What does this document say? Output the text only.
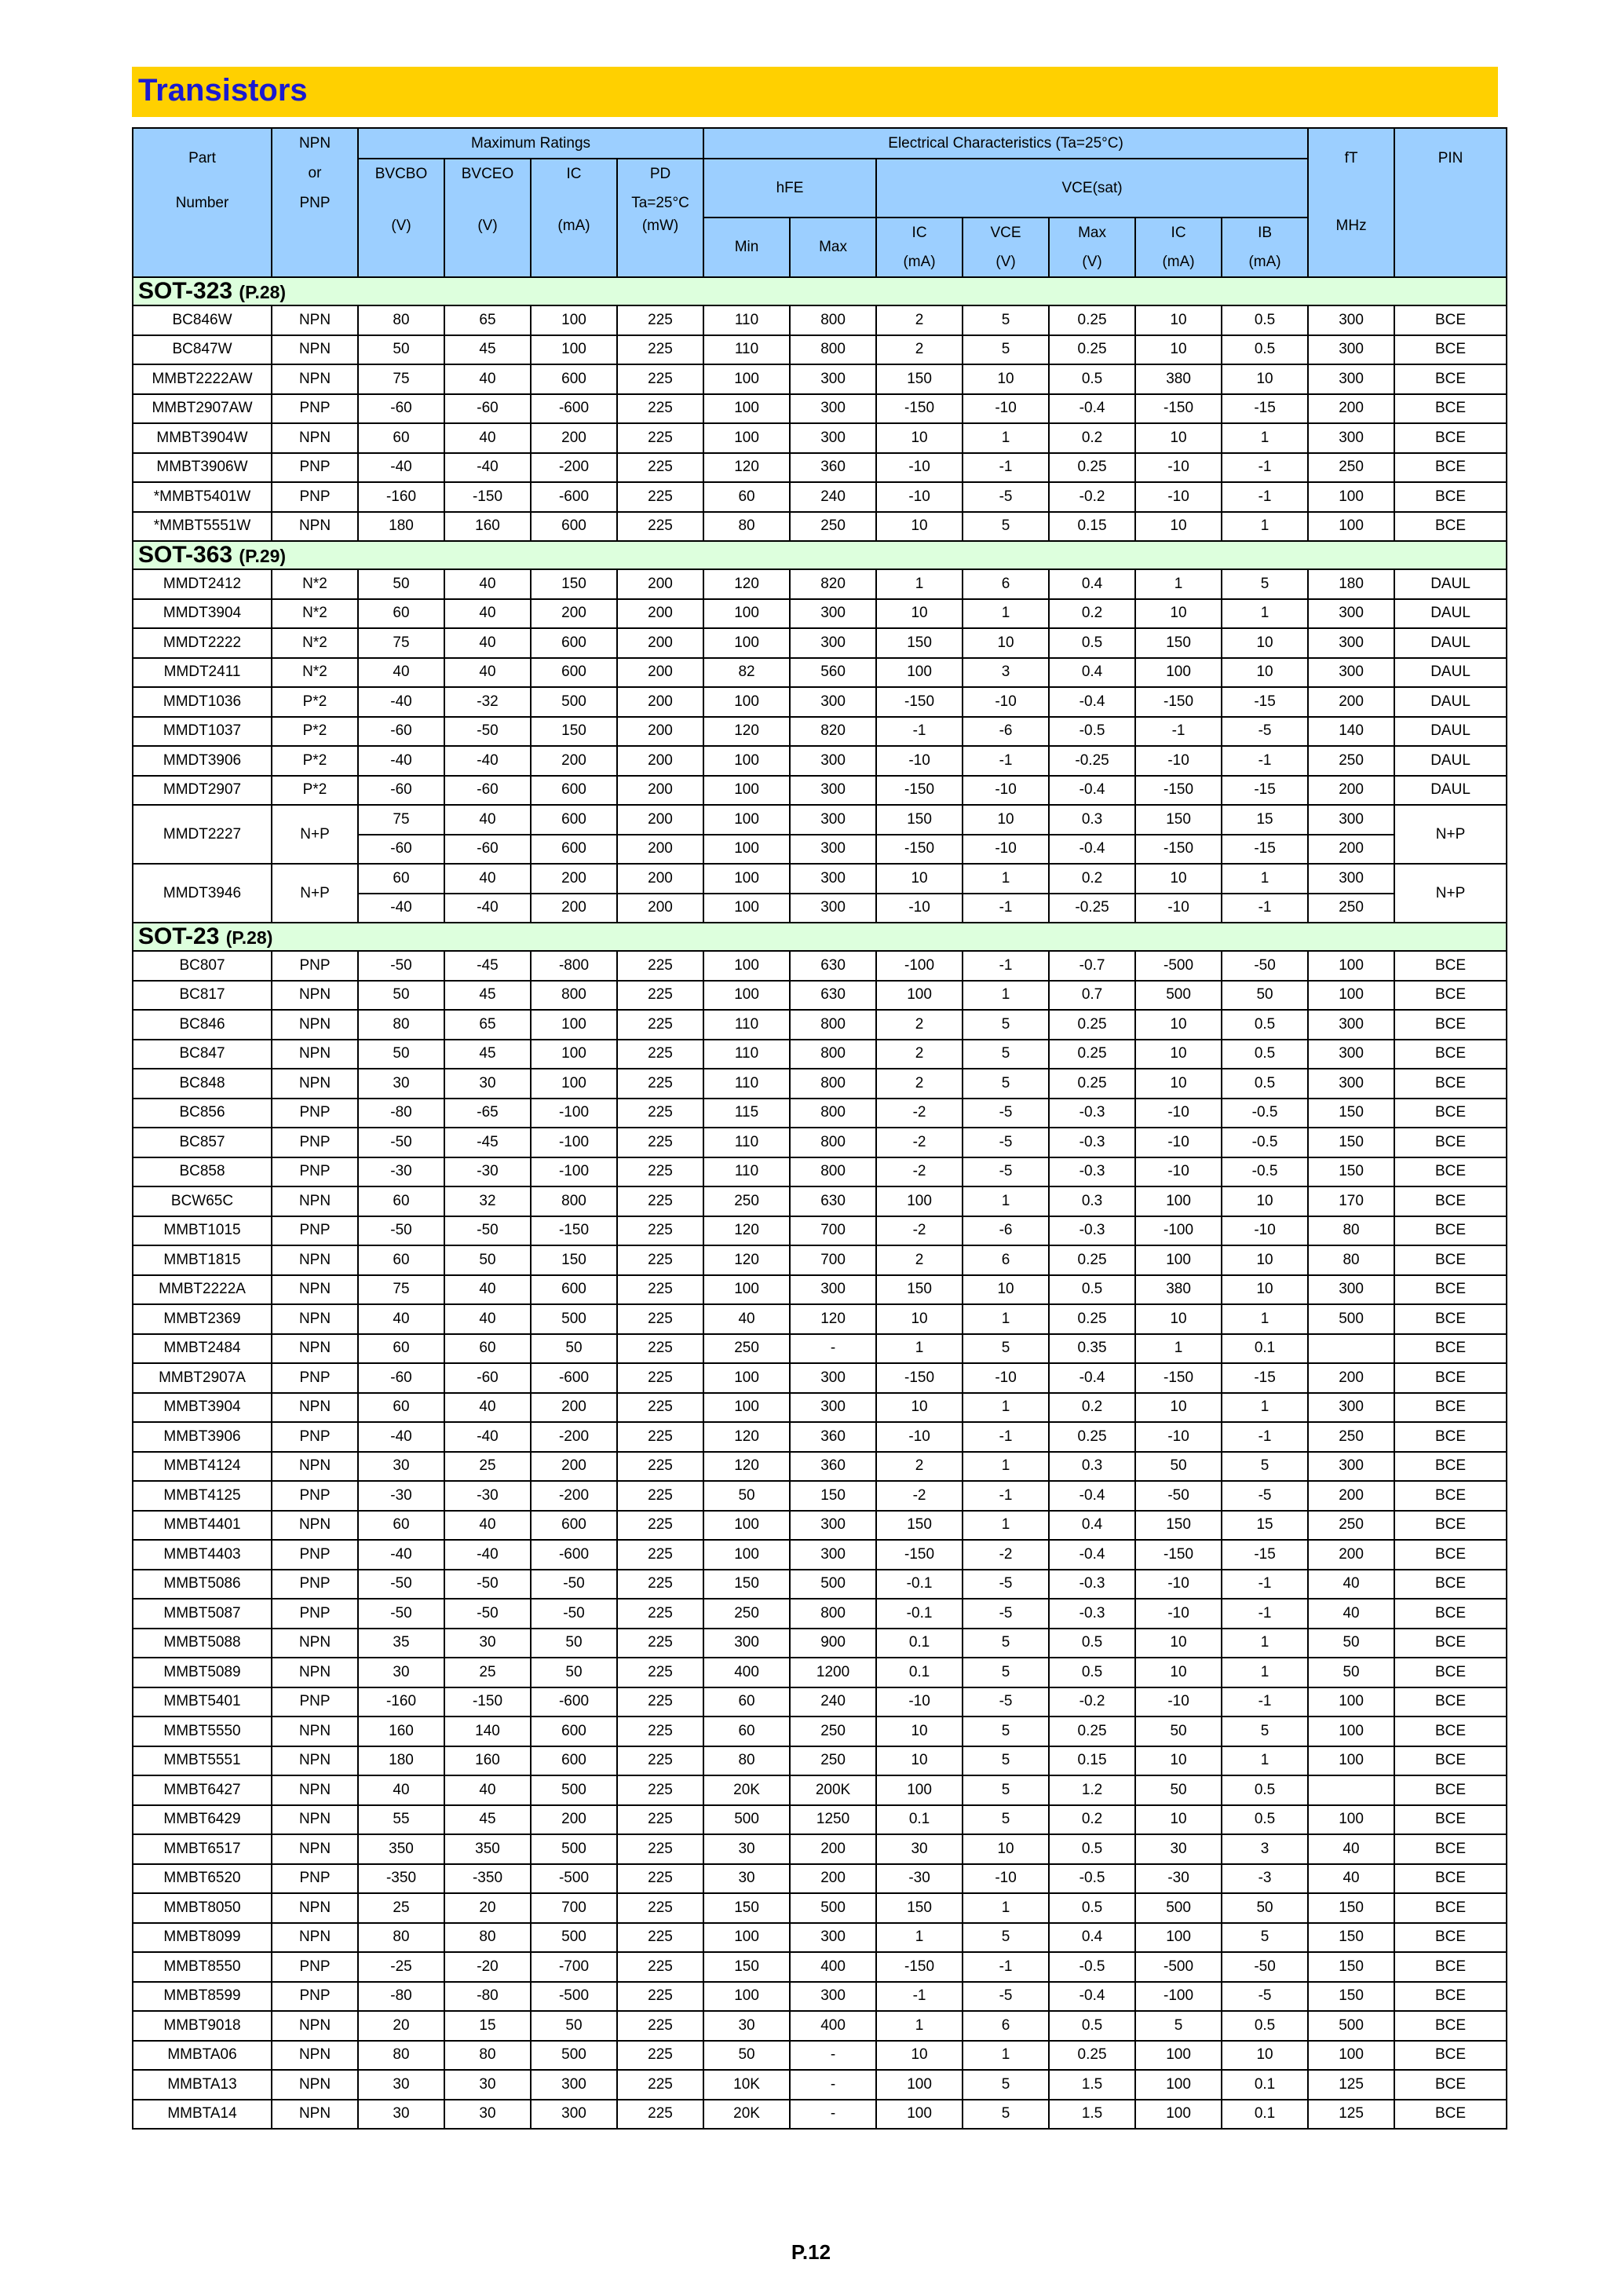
Transistors
Part	NPN	Maximum Ratings				Electrical Characteristics (Ta=25°C)							fT	PIN
	or	BVCBO	BVCEO	IC	PD	hFE		VCE(sat)						
Number	PNP				Ta=25°C									
		(V)	(V)	(mA)	(mW)	Min	Max	IC	VCE	Max	IC	IB	MHz	
								(mA)	(V)	(V)	(mA)	(mA)		
SOT-323 (P.28)														
BC846W	NPN	80	65	100	225	110	800	2	5	0.25	10	0.5	300	BCE
BC847W	NPN	50	45	100	225	110	800	2	5	0.25	10	0.5	300	BCE
MMBT2222AW	NPN	75	40	600	225	100	300	150	10	0.5	380	10	300	BCE
MMBT2907AW	PNP	-60	-60	-600	225	100	300	-150	-10	-0.4	-150	-15	200	BCE
MMBT3904W	NPN	60	40	200	225	100	300	10	1	0.2	10	1	300	BCE
MMBT3906W	PNP	-40	-40	-200	225	120	360	-10	-1	0.25	-10	-1	250	BCE
*MMBT5401W	PNP	-160	-150	-600	225	60	240	-10	-5	-0.2	-10	-1	100	BCE
*MMBT5551W	NPN	180	160	600	225	80	250	10	5	0.15	10	1	100	BCE
SOT-363 (P.29)														
MMDT2412	N*2	50	40	150	200	120	820	1	6	0.4	1	5	180	DAUL
MMDT3904	N*2	60	40	200	200	100	300	10	1	0.2	10	1	300	DAUL
MMDT2222	N*2	75	40	600	200	100	300	150	10	0.5	150	10	300	DAUL
MMDT2411	N*2	40	40	600	200	82	560	100	3	0.4	100	10	300	DAUL
MMDT1036	P*2	-40	-32	500	200	100	300	-150	-10	-0.4	-150	-15	200	DAUL
MMDT1037	P*2	-60	-50	150	200	120	820	-1	-6	-0.5	-1	-5	140	DAUL
MMDT3906	P*2	-40	-40	200	200	100	300	-10	-1	-0.25	-10	-1	250	DAUL
MMDT2907	P*2	-60	-60	600	200	100	300	-150	-10	-0.4	-150	-15	200	DAUL
MMDT2227	N+P	75	40	600	200	100	300	150	10	0.3	150	15	300	N+P
		-60	-60	600	200	100	300	-150	-10	-0.4	-150	-15	200	
MMDT3946	N+P	60	40	200	200	100	300	10	1	0.2	10	1	300	N+P
		-40	-40	200	200	100	300	-10	-1	-0.25	-10	-1	250	
SOT-23 (P.28)														
BC807	PNP	-50	-45	-800	225	100	630	-100	-1	-0.7	-500	-50	100	BCE
BC817	NPN	50	45	800	225	100	630	100	1	0.7	500	50	100	BCE
BC846	NPN	80	65	100	225	110	800	2	5	0.25	10	0.5	300	BCE
BC847	NPN	50	45	100	225	110	800	2	5	0.25	10	0.5	300	BCE
BC848	NPN	30	30	100	225	110	800	2	5	0.25	10	0.5	300	BCE
BC856	PNP	-80	-65	-100	225	115	800	-2	-5	-0.3	-10	-0.5	150	BCE
BC857	PNP	-50	-45	-100	225	110	800	-2	-5	-0.3	-10	-0.5	150	BCE
BC858	PNP	-30	-30	-100	225	110	800	-2	-5	-0.3	-10	-0.5	150	BCE
BCW65C	NPN	60	32	800	225	250	630	100	1	0.3	100	10	170	BCE
MMBT1015	PNP	-50	-50	-150	225	120	700	-2	-6	-0.3	-100	-10	80	BCE
MMBT1815	NPN	60	50	150	225	120	700	2	6	0.25	100	10	80	BCE
MMBT2222A	NPN	75	40	600	225	100	300	150	10	0.5	380	10	300	BCE
MMBT2369	NPN	40	40	500	225	40	120	10	1	0.25	10	1	500	BCE
MMBT2484	NPN	60	60	50	225	250	-	1	5	0.35	1	0.1		BCE
MMBT2907A	PNP	-60	-60	-600	225	100	300	-150	-10	-0.4	-150	-15	200	BCE
MMBT3904	NPN	60	40	200	225	100	300	10	1	0.2	10	1	300	BCE
MMBT3906	PNP	-40	-40	-200	225	120	360	-10	-1	0.25	-10	-1	250	BCE
MMBT4124	NPN	30	25	200	225	120	360	2	1	0.3	50	5	300	BCE
MMBT4125	PNP	-30	-30	-200	225	50	150	-2	-1	-0.4	-50	-5	200	BCE
MMBT4401	NPN	60	40	600	225	100	300	150	1	0.4	150	15	250	BCE
MMBT4403	PNP	-40	-40	-600	225	100	300	-150	-2	-0.4	-150	-15	200	BCE
MMBT5086	PNP	-50	-50	-50	225	150	500	-0.1	-5	-0.3	-10	-1	40	BCE
MMBT5087	PNP	-50	-50	-50	225	250	800	-0.1	-5	-0.3	-10	-1	40	BCE
MMBT5088	NPN	35	30	50	225	300	900	0.1	5	0.5	10	1	50	BCE
MMBT5089	NPN	30	25	50	225	400	1200	0.1	5	0.5	10	1	50	BCE
MMBT5401	PNP	-160	-150	-600	225	60	240	-10	-5	-0.2	-10	-1	100	BCE
MMBT5550	NPN	160	140	600	225	60	250	10	5	0.25	50	5	100	BCE
MMBT5551	NPN	180	160	600	225	80	250	10	5	0.15	10	1	100	BCE
MMBT6427	NPN	40	40	500	225	20K	200K	100	5	1.2	50	0.5		BCE
MMBT6429	NPN	55	45	200	225	500	1250	0.1	5	0.2	10	0.5	100	BCE
MMBT6517	NPN	350	350	500	225	30	200	30	10	0.5	30	3	40	BCE
MMBT6520	PNP	-350	-350	-500	225	30	200	-30	-10	-0.5	-30	-3	40	BCE
MMBT8050	NPN	25	20	700	225	150	500	150	1	0.5	500	50	150	BCE
MMBT8099	NPN	80	80	500	225	100	300	1	5	0.4	100	5	150	BCE
MMBT8550	PNP	-25	-20	-700	225	150	400	-150	-1	-0.5	-500	-50	150	BCE
MMBT8599	PNP	-80	-80	-500	225	100	300	-1	-5	-0.4	-100	-5	150	BCE
MMBT9018	NPN	20	15	50	225	30	400	1	6	0.5	5	0.5	500	BCE
MMBTA06	NPN	80	80	500	225	50	-	10	1	0.25	100	10	100	BCE
MMBTA13	NPN	30	30	300	225	10K	-	100	5	1.5	100	0.1	125	BCE
MMBTA14	NPN	30	30	300	225	20K	-	100	5	1.5	100	0.1	125	BCE
P.12
